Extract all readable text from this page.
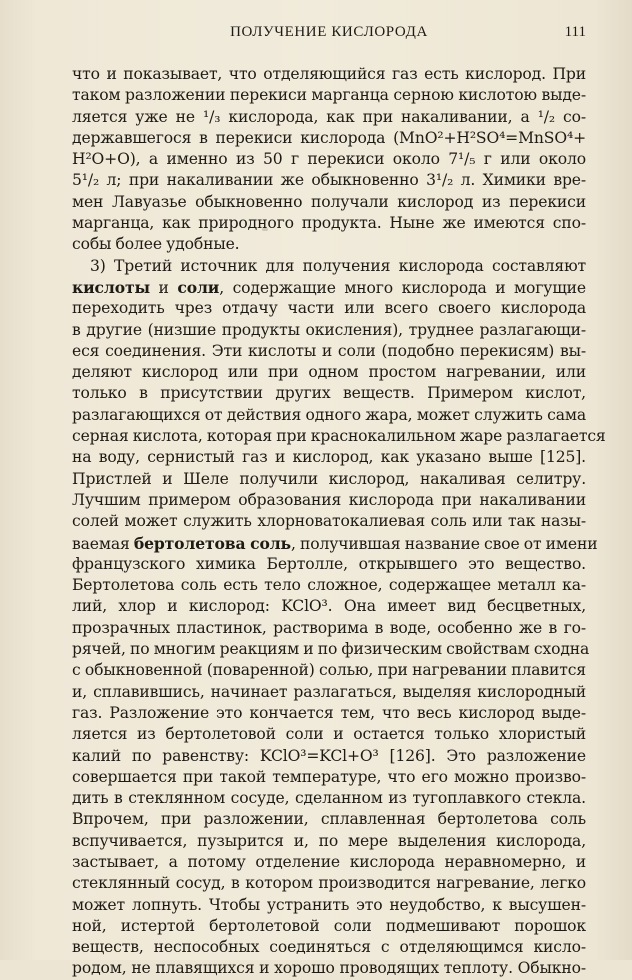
ПОЛУЧЕНИЕ КИСЛОРОДА	111
что и показывает, что отделяющийся газ есть кислород. При
таком разложении перекиси марганца серною кислотою выде-
ляется уже не ¹/₃ кислорода, как при накаливании, а ¹/₂ со-
державшегося в перекиси кислорода (MnO²+H²SO⁴=MnSO⁴+
H²O+O), а именно из 50 г перекиси около 7¹/₅ г или около
5¹/₂ л; при накаливании же обыкновенно 3¹/₂ л. Химики вре-
мен Лавуазье обыкновенно получали кислород из перекиси
марганца, как природного продукта. Ныне же имеются спо-
собы более удобные.
3) Третий источник для получения кислорода составляют
кислоты и соли, содержащие много кислорода и могущие
переходить чрез отдачу части или всего своего кислорода
в другие (низшие продукты окисления), труднее разлагающи-
еся соединения. Эти кислоты и соли (подобно перекисям) вы-
деляют кислород или при одном простом нагревании, или
только в присутствии других веществ. Примером кислот,
разлагающихся от действия одного жара, может служить сама
серная кислота, которая при краснокалильном жаре разлагается
на воду, сернистый газ и кислород, как указано выше [125].
Пристлей и Шеле получили кислород, накаливая селитру.
Лучшим примером образования кислорода при накаливании
солей может служить хлорноватокалиевая соль или так назы-
ваемая бертолетова соль, получившая название свое от имени
французского химика Бертолле, открывшего это вещество.
Бертолетова соль есть тело сложное, содержащее металл ка-
лий, хлор и кислород: KClO³. Она имеет вид бесцветных,
прозрачных пластинок, растворима в воде, особенно же в го-
рячей, по многим реакциям и по физическим свойствам сходна
с обыкновенной (поваренной) солью, при нагревании плавится
и, сплавившись, начинает разлагаться, выделяя кислородный
газ. Разложение это кончается тем, что весь кислород выде-
ляется из бертолетовой соли и остается только хлористый
калий по равенству: KClO³=KCl+O³ [126]. Это разложение
совершается при такой температуре, что его можно произво-
дить в стеклянном сосуде, сделанном из тугоплавкого стекла.
Впрочем, при разложении, сплавленная бертолетова соль
вспучивается, пузырится и, по мере выделения кислорода,
застывает, а потому отделение кислорода неравномерно, и
стеклянный сосуд, в котором производится нагревание, легко
может лопнуть. Чтобы устранить это неудобство, к высушен-
ной, истертой бертолетовой соли подмешивают порошок
веществ, неспособных соединяться с отделяющимся кисло-
родом, не плавящихся и хорошо проводящих теплоту. Обыкно-
